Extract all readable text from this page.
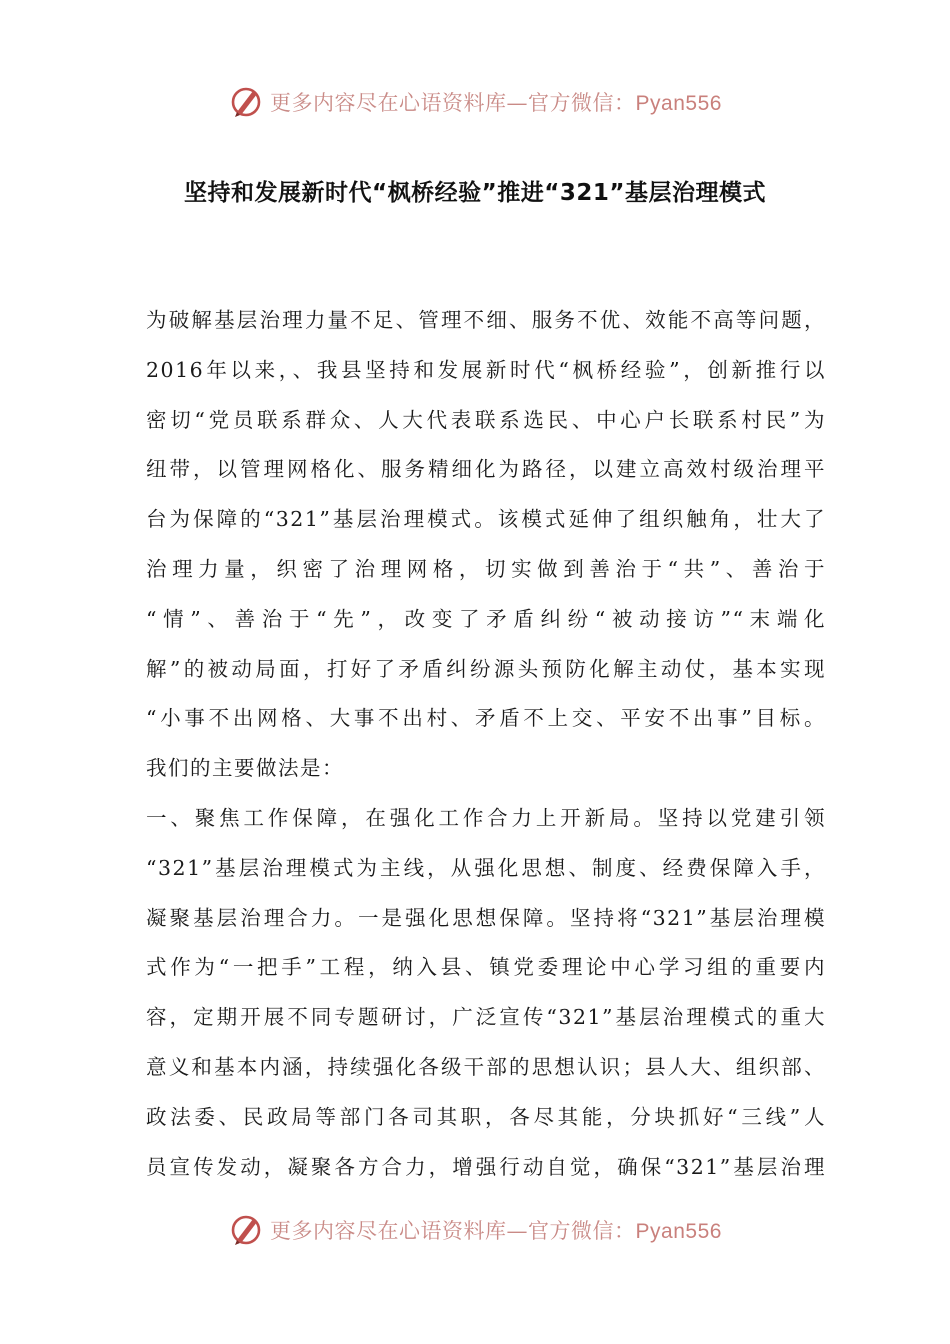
更多内容尽在心语资料库—官方微信：Pyan556
坚持和发展新时代“枫桥经验”推进“321”基层治理模式
为破解基层治理力量不足、管理不细、服务不优、效能不高等问题，
2016年以来，、我县坚持和发展新时代“枫桥经验”，创新推行以
密切“党员联系群众、人大代表联系选民、中心户长联系村民”为
纽带，以管理网格化、服务精细化为路径，以建立高效村级治理平
台为保障的“321”基层治理模式。该模式延伸了组织触角，壮大了
治理力量，织密了治理网格，切实做到善治于“共”、善治于
“情”、善治于“先”，改变了矛盾纠纷“被动接访”“末端化
解”的被动局面，打好了矛盾纠纷源头预防化解主动仗，基本实现
“小事不出网格、大事不出村、矛盾不上交、平安不出事”目标。
我们的主要做法是：
一、聚焦工作保障，在强化工作合力上开新局。坚持以党建引领
“321”基层治理模式为主线，从强化思想、制度、经费保障入手，
凝聚基层治理合力。一是强化思想保障。坚持将“321”基层治理模
式作为“一把手”工程，纳入县、镇党委理论中心学习组的重要内
容，定期开展不同专题研讨，广泛宣传“321”基层治理模式的重大
意义和基本内涵，持续强化各级干部的思想认识；县人大、组织部、
政法委、民政局等部门各司其职，各尽其能，分块抓好“三线”人
员宣传发动，凝聚各方合力，增强行动自觉，确保“321”基层治理
更多内容尽在心语资料库—官方微信：Pyan556
